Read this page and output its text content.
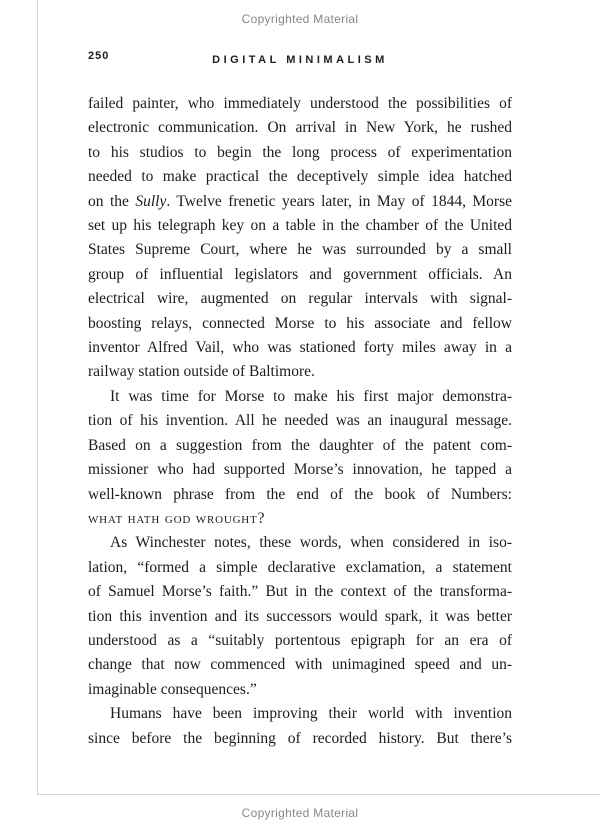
Copyrighted Material
250	DIGITAL MINIMALISM
failed painter, who immediately understood the possibilities of
electronic communication. On arrival in New York, he rushed
to his studios to begin the long process of experimentation
needed to make practical the deceptively simple idea hatched
on the Sully. Twelve frenetic years later, in May of 1844, Morse
set up his telegraph key on a table in the chamber of the United
States Supreme Court, where he was surrounded by a small
group of influential legislators and government officials. An
electrical wire, augmented on regular intervals with signal-
boosting relays, connected Morse to his associate and fellow
inventor Alfred Vail, who was stationed forty miles away in a
railway station outside of Baltimore.
It was time for Morse to make his first major demonstra-
tion of his invention. All he needed was an inaugural message.
Based on a suggestion from the daughter of the patent com-
missioner who had supported Morse’s innovation, he tapped a
well-known phrase from the end of the book of Numbers:
what hath god wrought?
As Winchester notes, these words, when considered in iso-
lation, “formed a simple declarative exclamation, a statement
of Samuel Morse’s faith.” But in the context of the transforma-
tion this invention and its successors would spark, it was better
understood as a “suitably portentous epigraph for an era of
change that now commenced with unimagined speed and un-
imaginable consequences.”
Humans have been improving their world with invention
since before the beginning of recorded history. But there’s
Copyrighted Material
